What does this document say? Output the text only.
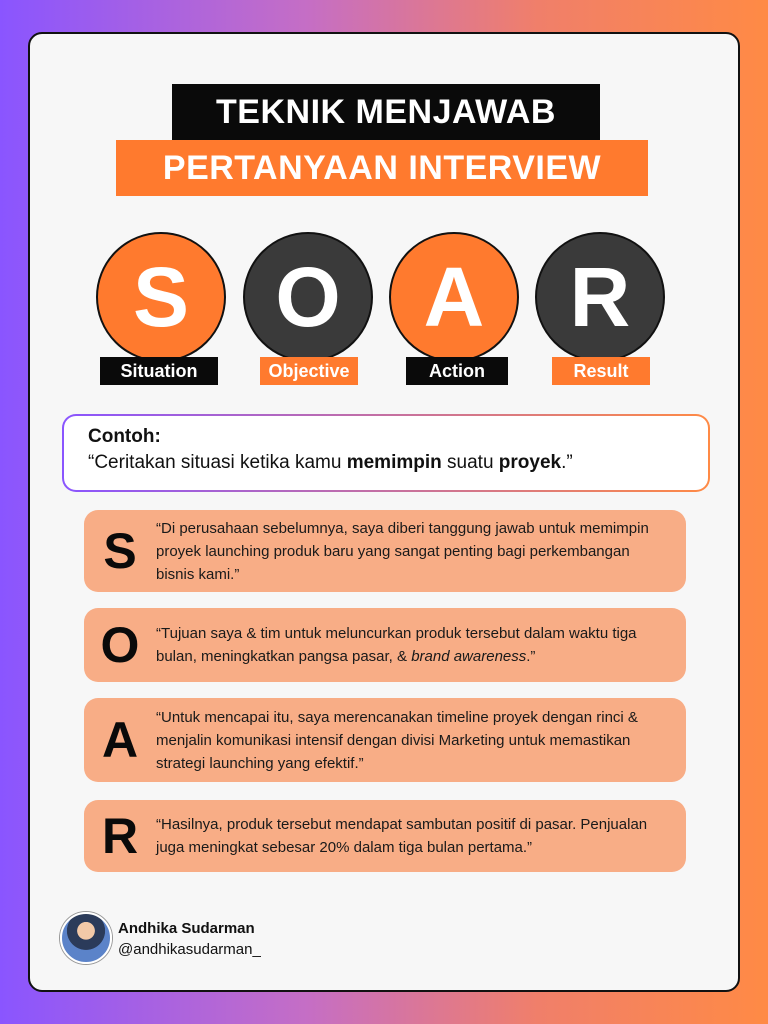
TEKNIK MENJAWAB
PERTANYAAN INTERVIEW
S	O A	R
Situation	Objective	Action	Result
Contoh:
“Ceritakan situasi ketika kamu memimpin suatu proyek.”
S	“Di perusahaan sebelumnya, saya diberi tanggung jawab untuk memimpin proyek launching produk baru yang sangat penting bagi perkembangan bisnis kami.”
O	“Tujuan saya & tim untuk meluncurkan produk tersebut dalam waktu tiga bulan, meningkatkan pangsa pasar, & brand awareness.”
A	“Untuk mencapai itu, saya merencanakan timeline proyek dengan rinci & menjalin komunikasi intensif dengan divisi Marketing untuk memastikan strategi launching yang efektif.”
R	“Hasilnya, produk tersebut mendapat sambutan positif di pasar. Penjualan juga meningkat sebesar 20% dalam tiga bulan pertama.”
Andhika Sudarman
@andhikasudarman_
